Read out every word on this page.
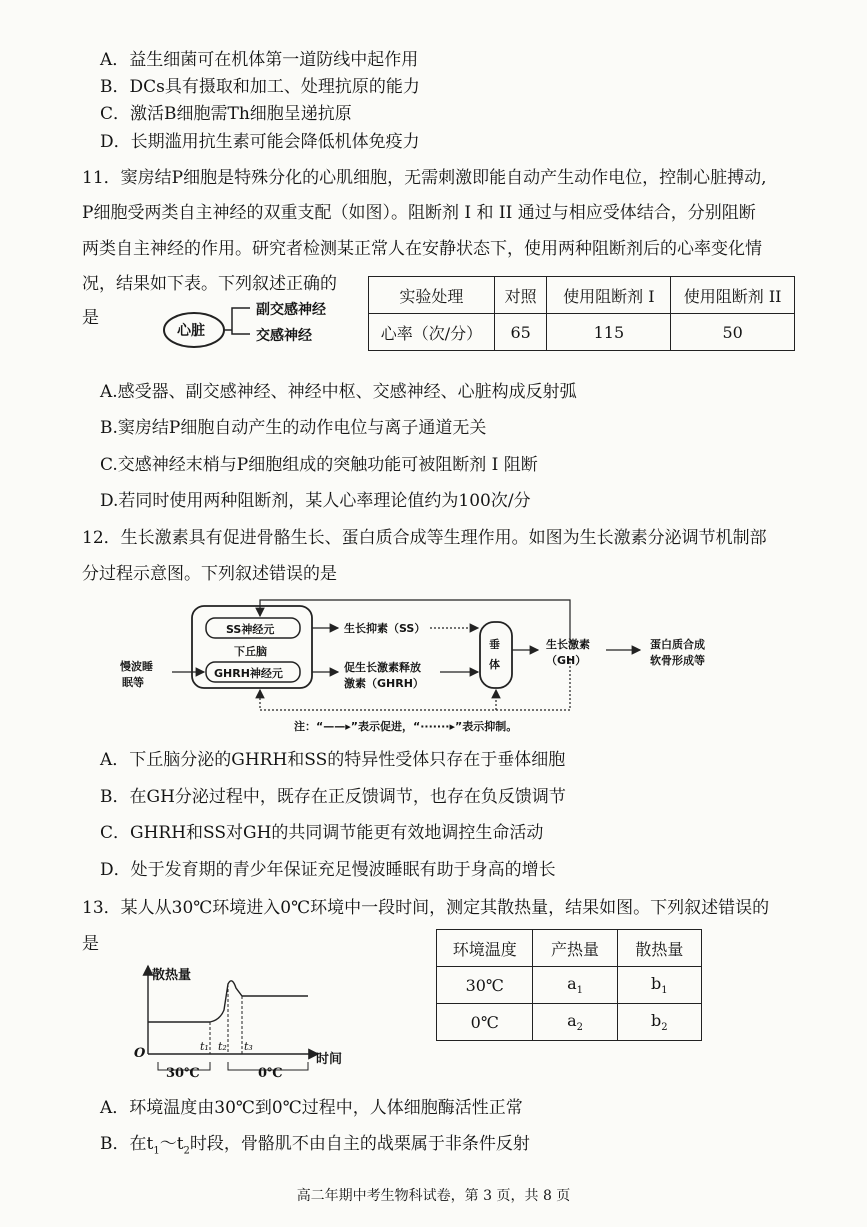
A．益生细菌可在机体第一道防线中起作用
B．DCs具有摄取和加工、处理抗原的能力
C．激活B细胞需Th细胞呈递抗原
D．长期滥用抗生素可能会降低机体免疫力
11．窦房结P细胞是特殊分化的心肌细胞，无需刺激即能自动产生动作电位，控制心脏搏动,
P细胞受两类自主神经的双重支配（如图）。阻断剂 I 和 II 通过与相应受体结合，分别阻断
两类自主神经的作用。研究者检测某正常人在安静状态下，使用两种阻断剂后的心率变化情
况，结果如下表。下列叙述正确的
是
心脏
副交感神经
交感神经
实验处理	对照	使用阻断剂 I	使用阻断剂 II
心率（次/分）	65	115	50
A.感受器、副交感神经、神经中枢、交感神经、心脏构成反射弧
B.窦房结P细胞自动产生的动作电位与离子通道无关
C.交感神经末梢与P细胞组成的突触功能可被阻断剂 I 阻断
D.若同时使用两种阻断剂，某人心率理论值约为100次/分
12．生长激素具有促进骨骼生长、蛋白质合成等生理作用。如图为生长激素分泌调节机制部
分过程示意图。下列叙述错误的是
SS神经元
下丘脑
GHRH神经元
慢波睡
眠等
生长抑素（SS）
促生长激素释放
激素（GHRH）
垂
体
生长激素
（GH）
蛋白质合成
软骨形成等
注：“——▸”表示促进，“·······▸”表示抑制。
A．下丘脑分泌的GHRH和SS的特异性受体只存在于垂体细胞
B．在GH分泌过程中，既存在正反馈调节，也存在负反馈调节
C．GHRH和SS对GH的共同调节能更有效地调控生命活动
D．处于发育期的青少年保证充足慢波睡眠有助于身高的增长
13．某人从30℃环境进入0℃环境中一段时间，测定其散热量，结果如图。下列叙述错误的
是
散热量
时间
O	t₁ t₂ t₃
30℃	0℃
环境温度	产热量	散热量
30℃	$a_1$	$b_1$
0℃	$a_2$	$b_2$
A．环境温度由30℃到0℃过程中，人体细胞酶活性正常
B．在$t_1\sim t_2$时段，骨骼肌不由自主的战栗属于非条件反射
高二年期中考生物科试卷，第 3 页，共 8 页
